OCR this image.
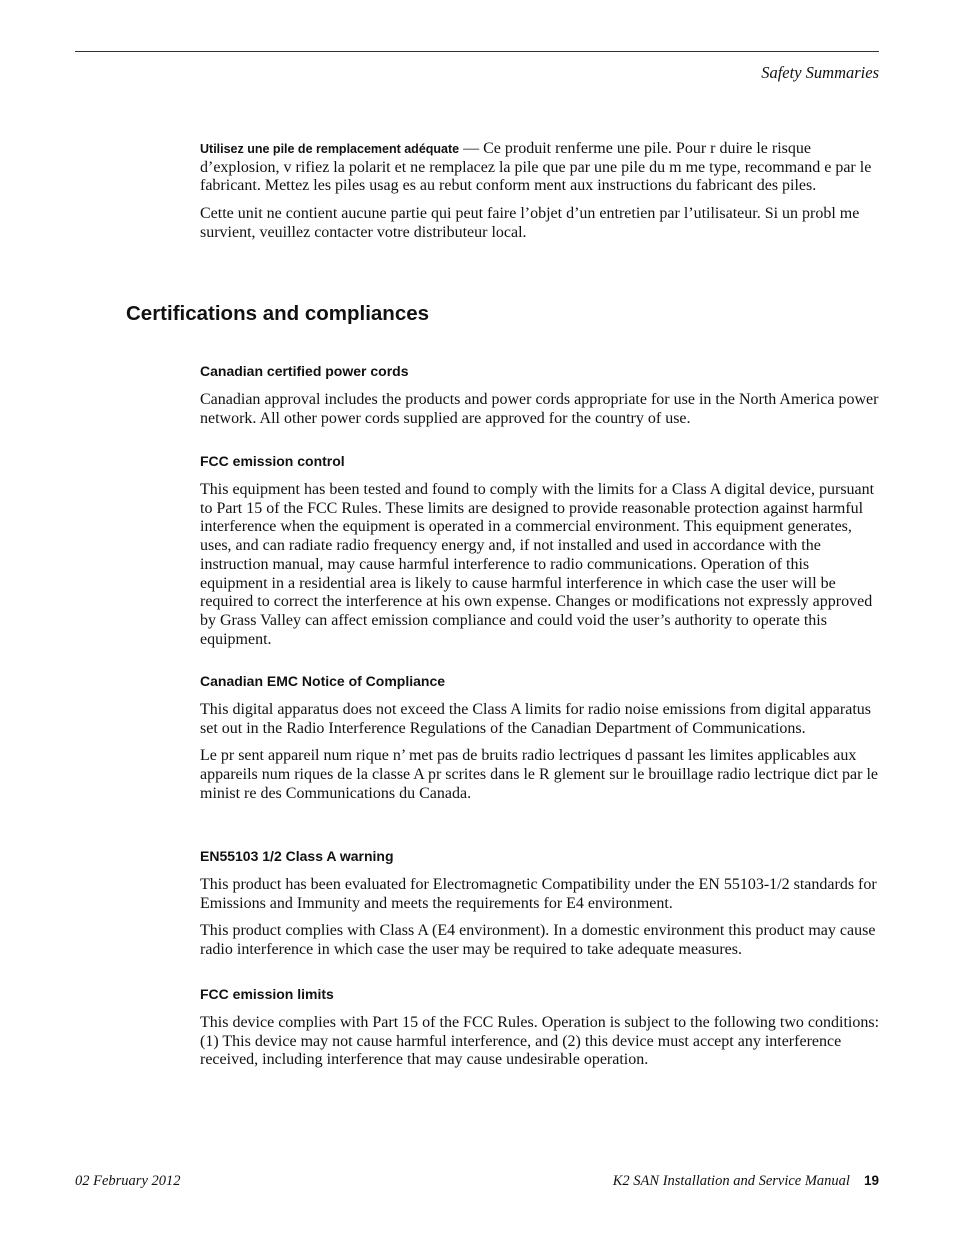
Safety Summaries

Utilisez une pile de remplacement adéquate — Ce produit renferme une pile. Pour r duire le risque d’explosion, v rifiez la polarit et ne remplacez la pile que par une pile du m me type, recommand e par le fabricant. Mettez les piles usag es au rebut conform ment aux instructions du fabricant des piles.

Cette unit ne contient aucune partie qui peut faire l’objet d’un entretien par l’utilisateur. Si un probl me survient, veuillez contacter votre distributeur local.

Certifications and compliances
Canadian certified power cords

Canadian approval includes the products and power cords appropriate for use in the North America power network. All other power cords supplied are approved for the country of use.

FCC emission control

This equipment has been tested and found to comply with the limits for a Class A digital device, pursuant to Part 15 of the FCC Rules. These limits are designed to provide reasonable protection against harmful interference when the equipment is operated in a commercial environment. This equipment generates, uses, and can radiate radio frequency energy and, if not installed and used in accordance with the instruction manual, may cause harmful interference to radio communications. Operation of this equipment in a residential area is likely to cause harmful interference in which case the user will be required to correct the interference at his own expense. Changes or modifications not expressly approved by Grass Valley can affect emission compliance and could void the user’s authority to operate this equipment.

Canadian EMC Notice of Compliance

This digital apparatus does not exceed the Class A limits for radio noise emissions from digital apparatus set out in the Radio Interference Regulations of the Canadian Department of Communications.

Le pr sent appareil num rique n’ met pas de bruits radio lectriques d passant les limites applicables aux appareils num riques de la classe A pr scrites dans le R glement sur le brouillage radio lectrique dict par le minist re des Communications du Canada.

EN55103 1/2 Class A warning

This product has been evaluated for Electromagnetic Compatibility under the EN 55103-1/2 standards for Emissions and Immunity and meets the requirements for E4 environment.

This product complies with Class A (E4 environment). In a domestic environment this product may cause radio interference in which case the user may be required to take adequate measures.

FCC emission limits

This device complies with Part 15 of the FCC Rules. Operation is subject to the following two conditions: (1) This device may not cause harmful interference, and (2) this device must accept any interference received, including interference that may cause undesirable operation.

02 February 2012	K2 SAN Installation and Service Manual 19
